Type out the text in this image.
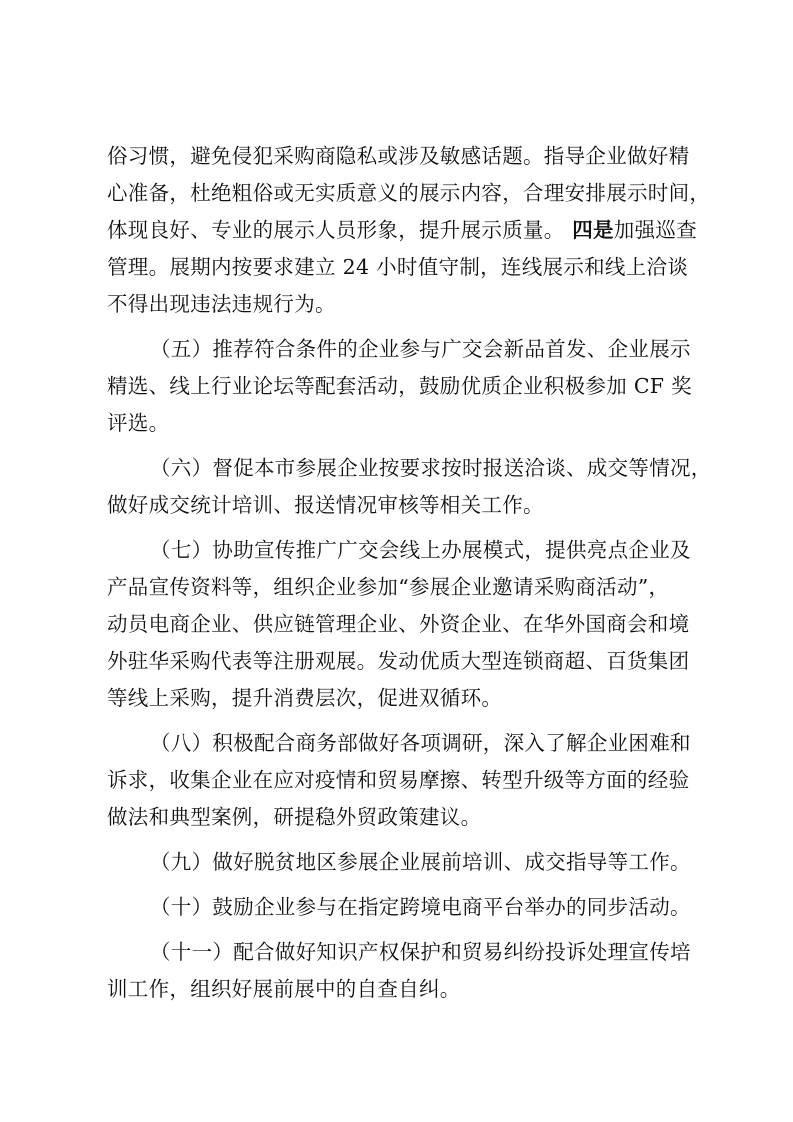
俗习惯，避免侵犯采购商隐私或涉及敏感话题。指导企业做好精
心准备，杜绝粗俗或无实质意义的展示内容，合理安排展示时间，
体现良好、专业的展示人员形象，提升展示质量。 四是加强巡查
管理。展期内按要求建立 24 小时值守制，连线展示和线上洽谈
不得出现违法违规行为。
（五）推荐符合条件的企业参与广交会新品首发、企业展示
精选、线上行业论坛等配套活动，鼓励优质企业积极参加 CF 奖
评选。
（六）督促本市参展企业按要求按时报送洽谈、成交等情况，
做好成交统计培训、报送情况审核等相关工作。
（七）协助宣传推广广交会线上办展模式，提供亮点企业及
产品宣传资料等，组织企业参加“参展企业邀请采购商活动”，
动员电商企业、供应链管理企业、外资企业、在华外国商会和境
外驻华采购代表等注册观展。发动优质大型连锁商超、百货集团
等线上采购，提升消费层次，促进双循环。
（八）积极配合商务部做好各项调研，深入了解企业困难和
诉求，收集企业在应对疫情和贸易摩擦、转型升级等方面的经验
做法和典型案例，研提稳外贸政策建议。
（九）做好脱贫地区参展企业展前培训、成交指导等工作。
（十）鼓励企业参与在指定跨境电商平台举办的同步活动。
（十一）配合做好知识产权保护和贸易纠纷投诉处理宣传培
训工作，组织好展前展中的自查自纠。
